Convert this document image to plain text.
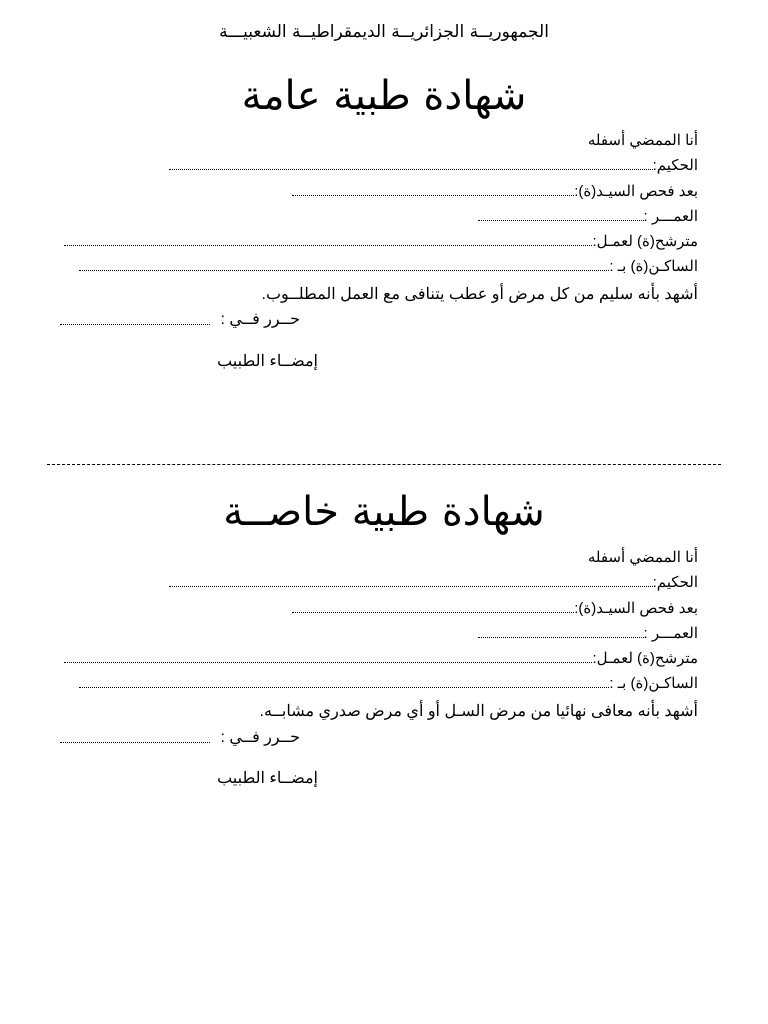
الجمهوريــة الجزائريــة الديمقراطيــة الشعبيـــة
شهادة طبية عامة
أنا الممضي أسفله
الحكيم:
بعد فحص السيـد(ة):
العمـــر :
مترشح(ة) لعمـل:
الساكـن(ة) بـ :
أشهد بأنه سليم من كل مرض أو عطب يتنافى مع العمل المطلــوب.
حــرر فــي :
إمضــاء الطبيب
شهادة طبية خاصــة
أنا الممضي أسفله
الحكيم:
بعد فحص السيـد(ة):
العمـــر :
مترشح(ة) لعمـل:
الساكـن(ة) بـ :
أشهد بأنه معافى نهائيا من مرض السـل أو أي مرض صدري مشابــه.
حــرر فــي :
إمضــاء الطبيب
